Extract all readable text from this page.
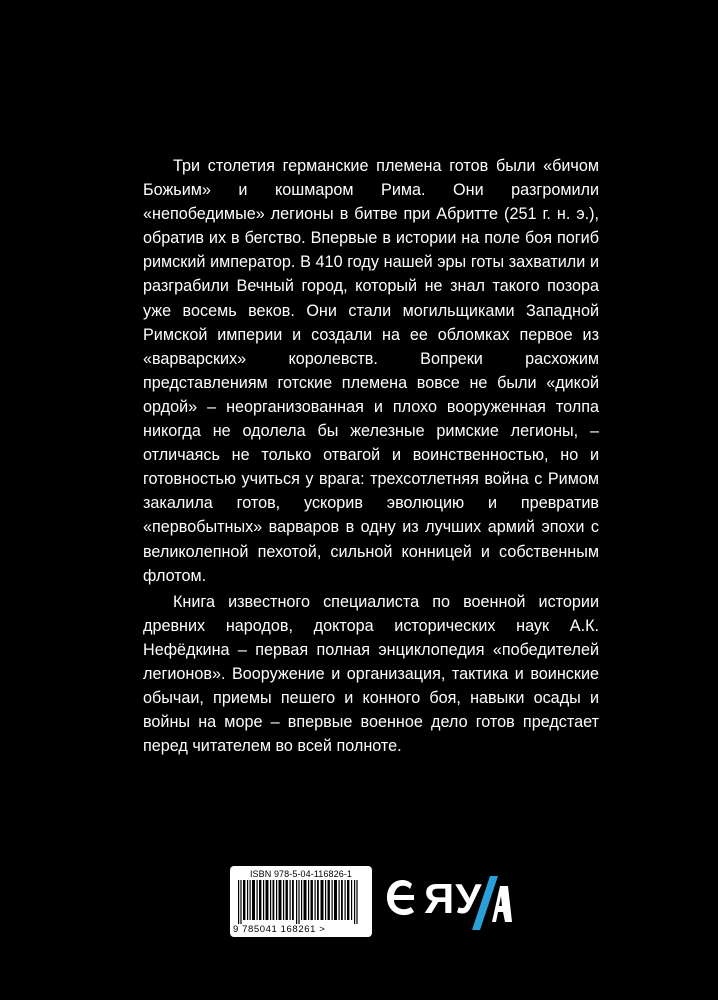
Три столетия германские племена готов были «бичом Божьим» и кошмаром Рима. Они разгромили «непобедимые» легионы в битве при Абритте (251 г. н. э.), обратив их в бегство. Впервые в истории на поле боя погиб римский император. В 410 году нашей эры готы захватили и разграбили Вечный город, который не знал такого позора уже восемь веков. Они стали могильщиками Западной Римской империи и создали на ее обломках первое из «варварских» королевств. Вопреки расхожим представлениям готские племена вовсе не были «дикой ордой» – неорганизованная и плохо вооруженная толпа никогда не одолела бы железные римские легионы, – отличаясь не только отвагой и воинственностью, но и готовностью учиться у врага: трехсотлетняя война с Римом закалила готов, ускорив эволюцию и превратив «первобытных» варваров в одну из лучших армий эпохи с великолепной пехотой, сильной конницей и собственным флотом.

Книга известного специалиста по военной истории древних народов, доктора исторических наук А.К. Нефёдкина – первая полная энциклопедия «победителей легионов». Вооружение и организация, тактика и воинские обычаи, приемы пешего и конного боя, навыки осады и войны на море – впервые военное дело готов предстает перед читателем во всей полноте.

ISBN 978-5-04-116826-1
9 785041 168261 >
ЯУ
